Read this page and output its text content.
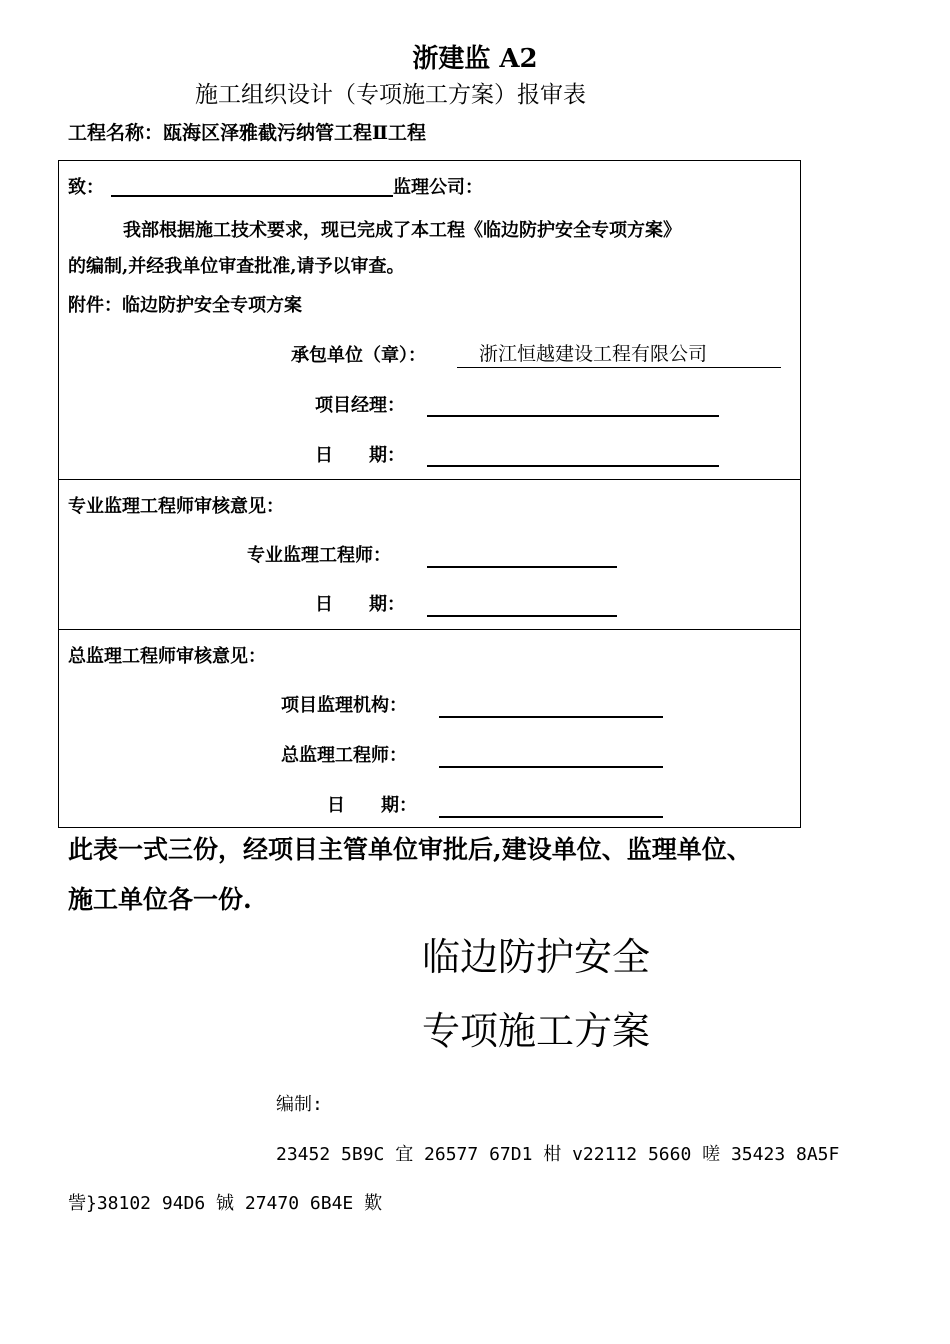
浙建监 A2
施工组织设计（专项施工方案）报审表
工程名称：瓯海区泽雅截污纳管工程Ⅱ工程
致：	监理公司：
我部根据施工技术要求，现已完成了本工程《临边防护安全专项方案》
的编制,并经我单位审查批准,请予以审查。
附件：临边防护安全专项方案
承包单位（章）：	浙江恒越建设工程有限公司
项目经理：
日　　期：
专业监理工程师审核意见：
专业监理工程师：
日　　期：
总监理工程师审核意见：
项目监理机构：
总监理工程师：
日　　期：
此表一式三份，经项目主管单位审批后,建设单位、监理单位、
施工单位各一份.
临边防护安全
专项施工方案
编制:
23452 5B9C 宜 26577 67D1 柑 v22112 5660 嗟 35423 8A5F
訾}38102 94D6 铖 27470 6B4E 歎
